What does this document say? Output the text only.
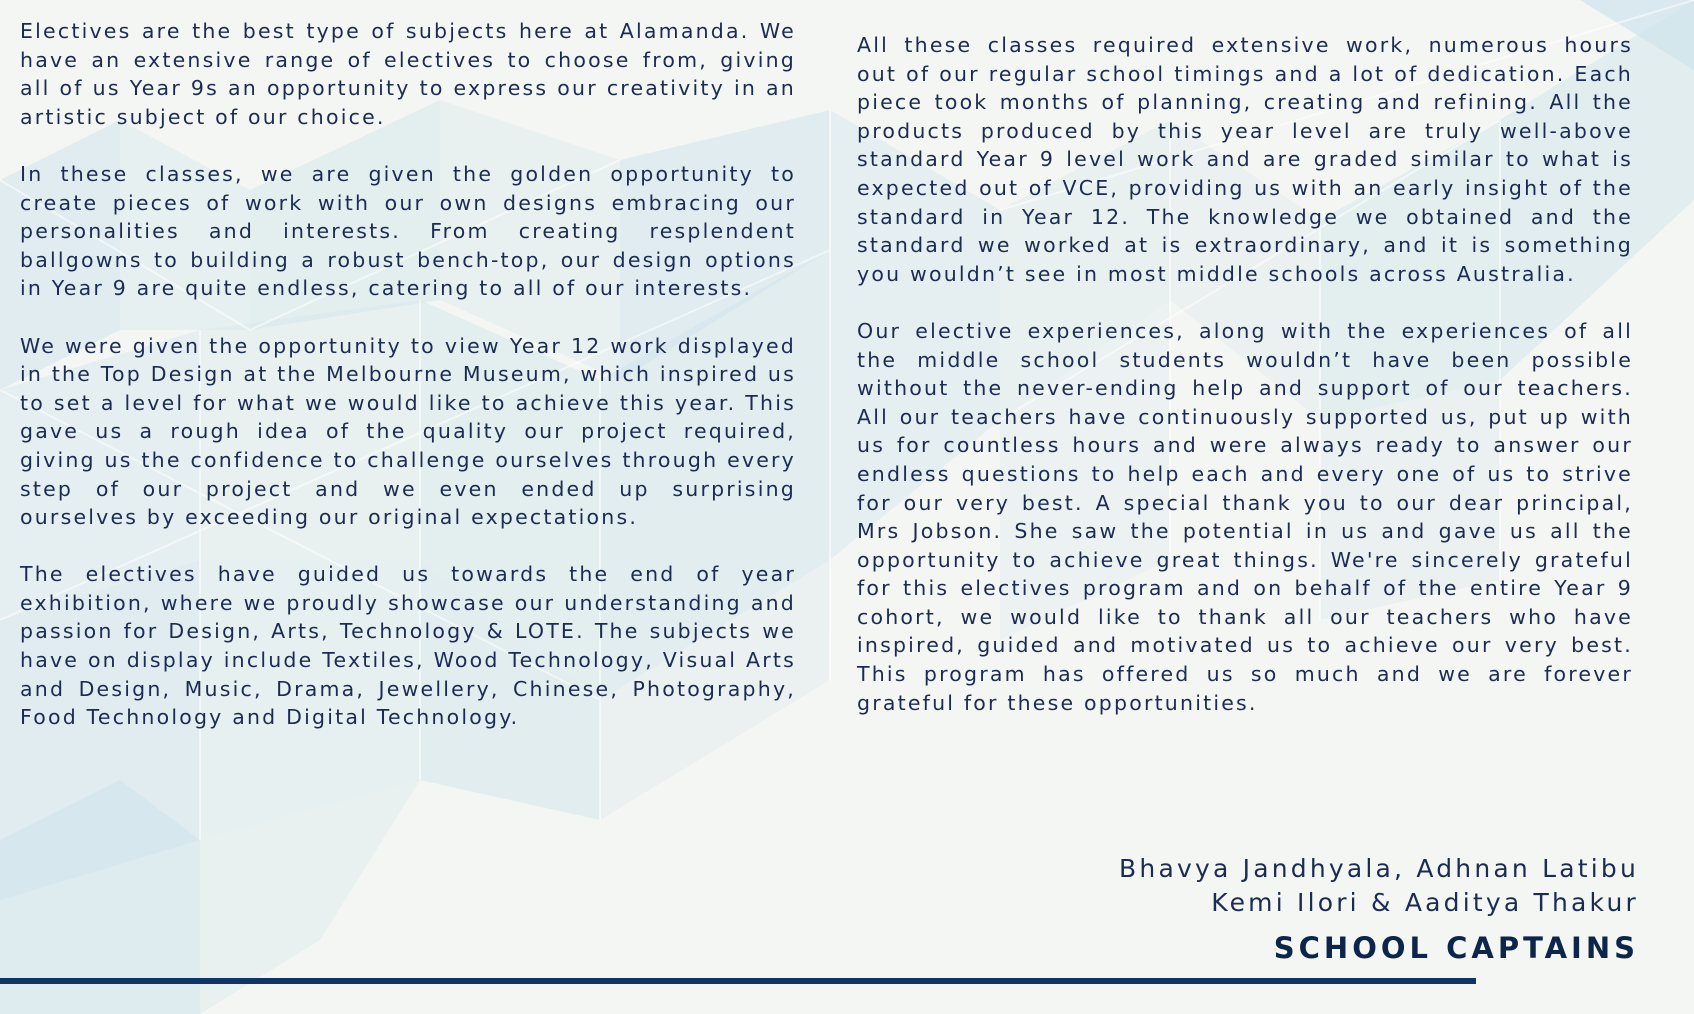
Electives are the best type of subjects here at Alamanda. We have an extensive range of electives to choose from, giving all of us Year 9s an opportunity to express our creativity in an artistic subject of our choice.

In these classes, we are given the golden opportunity to create pieces of work with our own designs embracing our personalities and interests. From creating resplendent ballgowns to building a robust bench-top, our design options in Year 9 are quite endless, catering to all of our interests.

We were given the opportunity to view Year 12 work displayed in the Top Design at the Melbourne Museum, which inspired us to set a level for what we would like to achieve this year. This gave us a rough idea of the quality our project required, giving us the confidence to challenge ourselves through every step of our project and we even ended up surprising ourselves by exceeding our original expectations.

The electives have guided us towards the end of year exhibition, where we proudly showcase our understanding and passion for Design, Arts, Technology & LOTE. The subjects we have on display include Textiles, Wood Technology, Visual Arts and Design, Music, Drama, Jewellery, Chinese, Photography, Food Technology and Digital Technology.

All these classes required extensive work, numerous hours out of our regular school timings and a lot of dedication. Each piece took months of planning, creating and refining. All the products produced by this year level are truly well-above standard Year 9 level work and are graded similar to what is expected out of VCE, providing us with an early insight of the standard in Year 12. The knowledge we obtained and the standard we worked at is extraordinary, and it is something you wouldn’t see in most middle schools across Australia.

Our elective experiences, along with the experiences of all the middle school students wouldn’t have been possible without the never-ending help and support of our teachers. All our teachers have continuously supported us, put up with us for countless hours and were always ready to answer our endless questions to help each and every one of us to strive for our very best. A special thank you to our dear principal, Mrs Jobson. She saw the potential in us and gave us all the opportunity to achieve great things. We're sincerely grateful for this electives program and on behalf of the entire Year 9 cohort, we would like to thank all our teachers who have inspired, guided and motivated us to achieve our very best. This program has offered us so much and we are forever grateful for these opportunities.

Bhavya Jandhyala, Adhnan Latibu
Kemi Ilori & Aaditya Thakur
SCHOOL CAPTAINS
